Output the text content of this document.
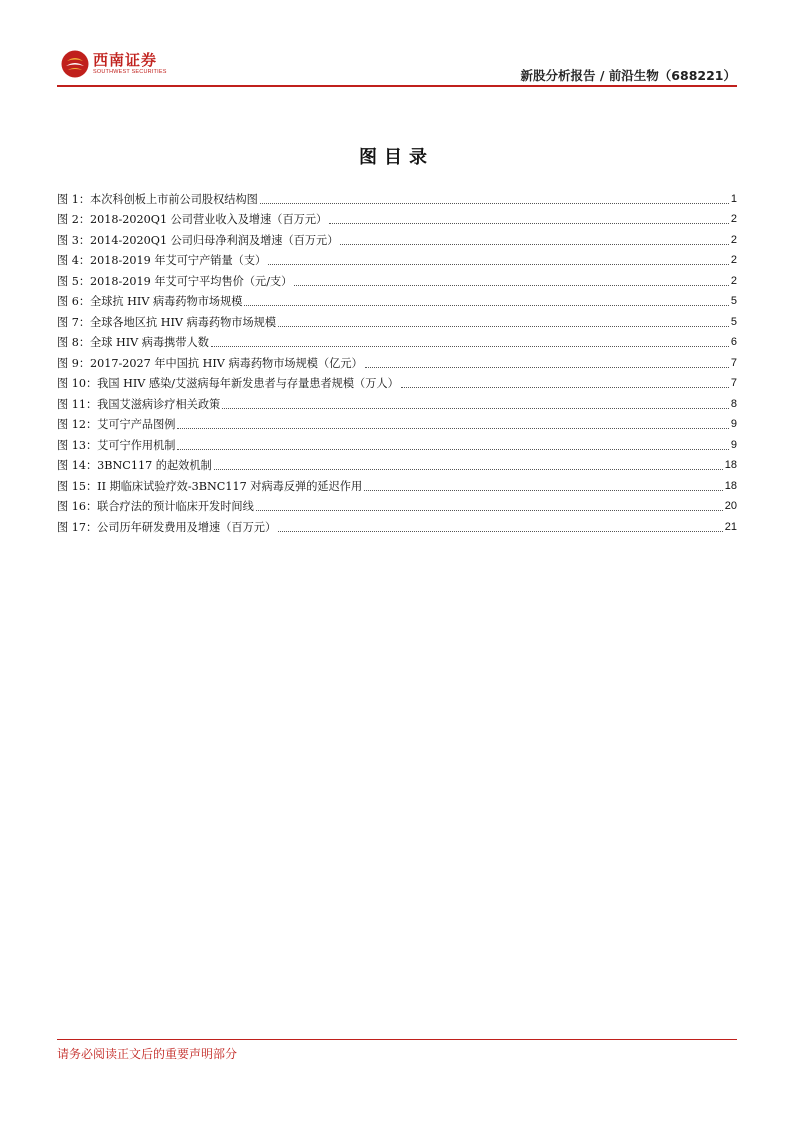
西南证券
SOUTHWEST SECURITIES	新股分析报告 / 前沿生物（688221）
图目录
图 1：本次科创板上市前公司股权结构图	1
图 2：2018-2020Q1 公司营业收入及增速（百万元）	2
图 3：2014-2020Q1 公司归母净利润及增速（百万元）	2
图 4：2018-2019 年艾可宁产销量（支）	2
图 5：2018-2019 年艾可宁平均售价（元/支）	2
图 6：全球抗 HIV 病毒药物市场规模	5
图 7：全球各地区抗 HIV 病毒药物市场规模	5
图 8：全球 HIV 病毒携带人数	6
图 9：2017-2027 年中国抗 HIV 病毒药物市场规模（亿元）	7
图 10：我国 HIV 感染/艾滋病每年新发患者与存量患者规模（万人）	7
图 11：我国艾滋病诊疗相关政策	8
图 12：艾可宁产品图例	9
图 13：艾可宁作用机制	9
图 14：3BNC117 的起效机制	18
图 15：II 期临床试验疗效-3BNC117 对病毒反弹的延迟作用	18
图 16：联合疗法的预计临床开发时间线	20
图 17：公司历年研发费用及增速（百万元）	21
请务必阅读正文后的重要声明部分
